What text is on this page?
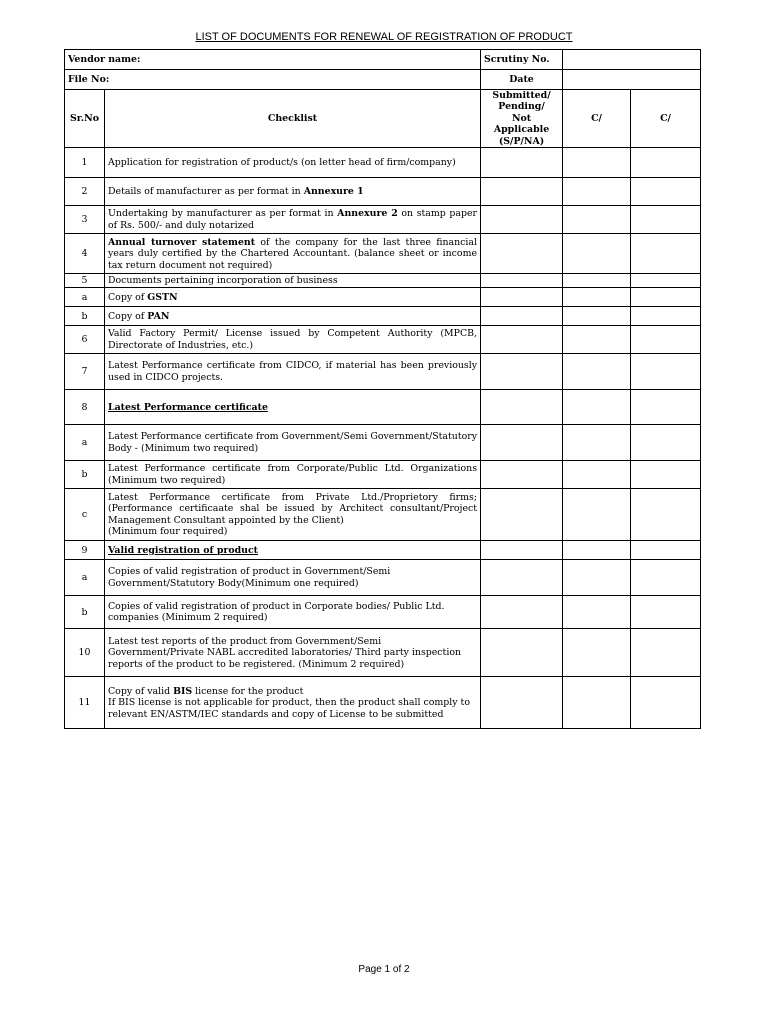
LIST OF DOCUMENTS FOR RENEWAL OF REGISTRATION OF PRODUCT
Vendor name:		Scrutiny No.		
File No:		Date		
Sr.No	Checklist	Submitted/
Pending/
Not Applicable
(S/P/NA)	C/	C/
1	Application for registration of product/s (on letter head of firm/company)			
2	Details of manufacturer as per format in Annexure 1			
3	Undertaking by manufacturer as per format in Annexure 2 on stamp paper of Rs. 500/- and duly notarized			
4	Annual turnover statement of the company for the last three financial years duly certified by the Chartered Accountant. (balance sheet or income tax return document not required)			
5	Documents pertaining incorporation of business			
a	Copy of GSTN			
b	Copy of PAN			
6	Valid Factory Permit/ License issued by Competent Authority (MPCB, Directorate of Industries, etc.)			
7	Latest Performance certificate from CIDCO, if material has been previously used in CIDCO projects.			
8	Latest Performance certificate			
a	Latest Performance certificate from Government/Semi Government/Statutory Body - (Minimum two required)			
b	Latest Performance certificate from Corporate/Public Ltd. Organizations (Minimum two required)			
c	Latest Performance certificate from Private Ltd./Proprietory firms; (Performance certificaate shal be issued by Architect consultant/Project Management Consultant appointed by the Client)
(Minimum four required)			
9	Valid registration of product			
a	Copies of valid registration of product in Government/Semi
Government/Statutory Body(Minimum one required)			
b	Copies of valid registration of product in Corporate bodies/ Public Ltd.
companies (Minimum 2 required)			
10	Latest test reports of the product from Government/Semi
Government/Private NABL accredited laboratories/ Third party inspection
reports of the product to be registered. (Minimum 2 required)			
11	Copy of valid BIS license for the product
If BIS license is not applicable for product, then the product shall comply to
relevant EN/ASTM/IEC standards and copy of License to be submitted			
Page 1 of 2
